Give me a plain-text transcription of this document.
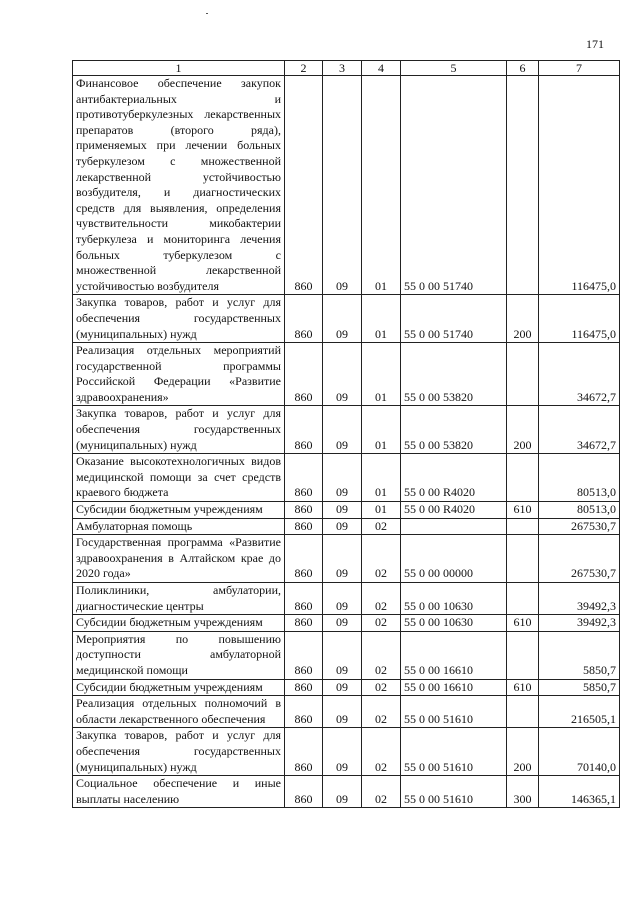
171
1	2	3	4	5	6	7
Финансовое обеспечение закупок антибактериальных и противотуберкулезных лекарственных препаратов (второго ряда), применяемых при лечении больных туберкулезом с множественной лекарственной устойчивостью возбудителя, и диагностических средств для выявления, определения чувствительности микобактерии туберкулеза и мониторинга лечения больных туберкулезом с множественной лекарственной устойчивостью возбудителя	860	09	01	55 0 00 51740		116475,0
Закупка товаров, работ и услуг для обеспечения государственных (муниципальных) нужд	860	09	01	55 0 00 51740	200	116475,0
Реализация отдельных мероприятий государственной программы Российской Федерации «Развитие здравоохранения»	860	09	01	55 0 00 53820		34672,7
Закупка товаров, работ и услуг для обеспечения государственных (муниципальных) нужд	860	09	01	55 0 00 53820	200	34672,7
Оказание высокотехнологичных видов медицинской помощи за счет средств краевого бюджета	860	09	01	55 0 00 R4020		80513,0
Субсидии бюджетным учреждениям	860	09	01	55 0 00 R4020	610	80513,0
Амбулаторная помощь	860	09	02			267530,7
Государственная программа «Развитие здравоохранения в Алтайском крае до 2020 года»	860	09	02	55 0 00 00000		267530,7
Поликлиники, амбулатории, диагностические центры	860	09	02	55 0 00 10630		39492,3
Субсидии бюджетным учреждениям	860	09	02	55 0 00 10630	610	39492,3
Мероприятия по повышению доступности амбулаторной медицинской помощи	860	09	02	55 0 00 16610		5850,7
Субсидии бюджетным учреждениям	860	09	02	55 0 00 16610	610	5850,7
Реализация отдельных полномочий в области лекарственного обеспечения	860	09	02	55 0 00 51610		216505,1
Закупка товаров, работ и услуг для обеспечения государственных (муниципальных) нужд	860	09	02	55 0 00 51610	200	70140,0
Социальное обеспечение и иные выплаты населению	860	09	02	55 0 00 51610	300	146365,1
